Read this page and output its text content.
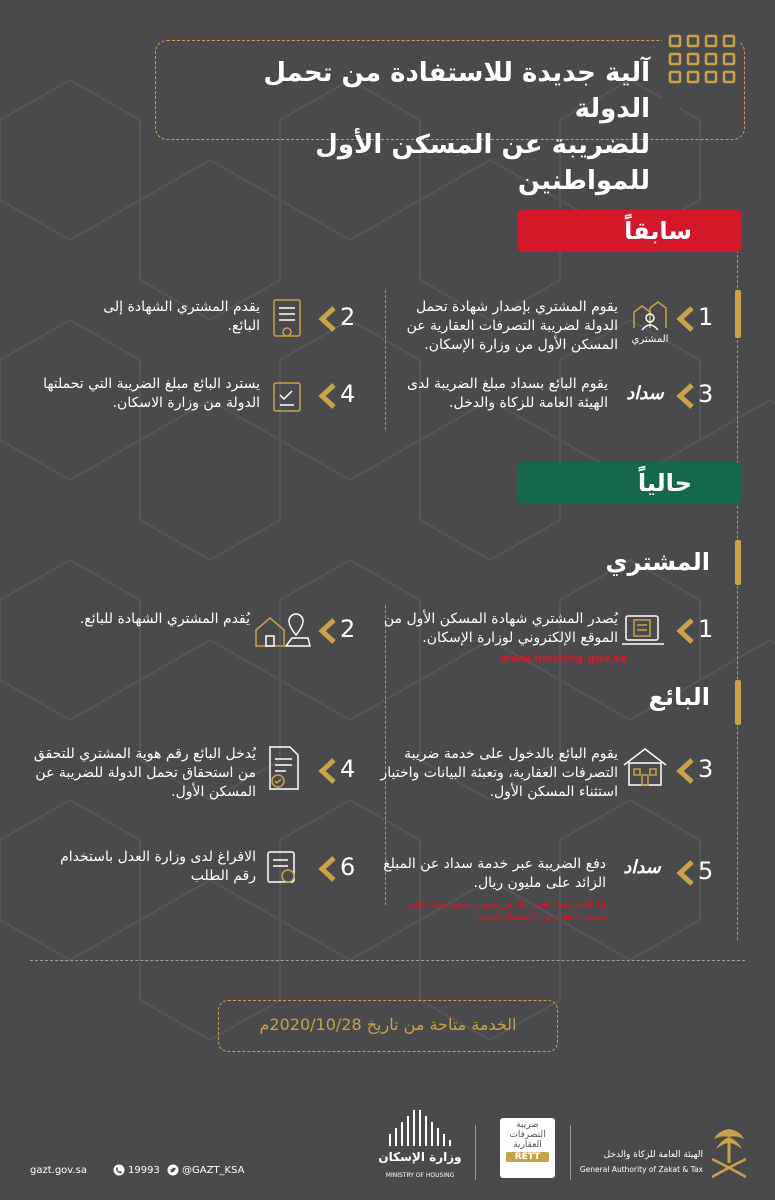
آلية جديدة للاستفادة من تحمل الدولة
للضريبة عن المسكن الأول للمواطنين
سابقاً
1
المشتري
يقوم المشتري بإصدار شهادة تحمل الدولة لضريبة التصرفات العقارية عن المسكن الأول من وزارة الإسكان.
2
يقدم المشتري الشهادة إلى البائع.
3
سداد
يقوم البائع بسداد مبلغ الضريبة لدى الهيئة العامة للزكاة والدخل.
4
يسترد البائع مبلغ الضريبة التي تحملتها الدولة من وزارة الاسكان.
حالياً
المشتري
1
يُصدر المشتري شهادة المسكن الأول من الموقع الإلكتروني لوزارة الإسكان.
www.housing.gov.sa
2
يُقدم المشتري الشهادة للبائع.
البائع
3
يقوم البائع بالدخول على خدمة ضريبة التصرفات العقارية، وتعبئة البيانات واختيار استثناء المسكن الأول.
4
يُدخل البائع رقم هوية المشتري للتحقق من استحقاق تحمل الدولة للضريبة عن المسكن الأول.
5
سداد
دفع الضريبة عبر خدمة سداد عن المبلغ الزائد على مليون ريال.
إذا كانت قيمة العقار أقل من مليون، سيتم إنشاء طلب تسجيل العقار دون استحقاق ضريبي
6
الافراغ لدى وزارة العدل باستخدام رقم الطلب
الخدمة متاحة من تاريخ 2020/10/28م
gazt.gov.sa	19993 @GAZT_KSA
وزارة الإسكان
MINISTRY OF HOUSING
ضريبة
التصرفات
العقارية
RETT	الهيئة العامة للزكاة والدخل
General Authority of Zakat & Tax
